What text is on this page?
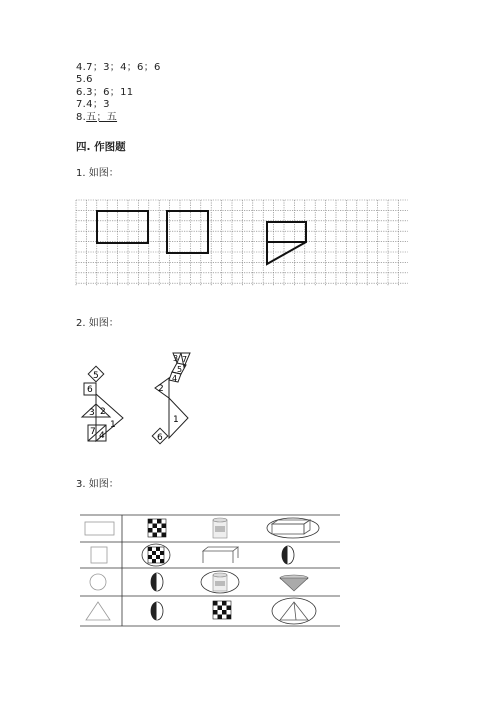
4.7；3；4；6；6
5.6
6.3；6；11
7.4；3
8.五；五
四. 作图题
1. 如图：
2. 如图：
3. 如图：
5
6
3 2
1
7 4
3 7
5
4
2
1
6
